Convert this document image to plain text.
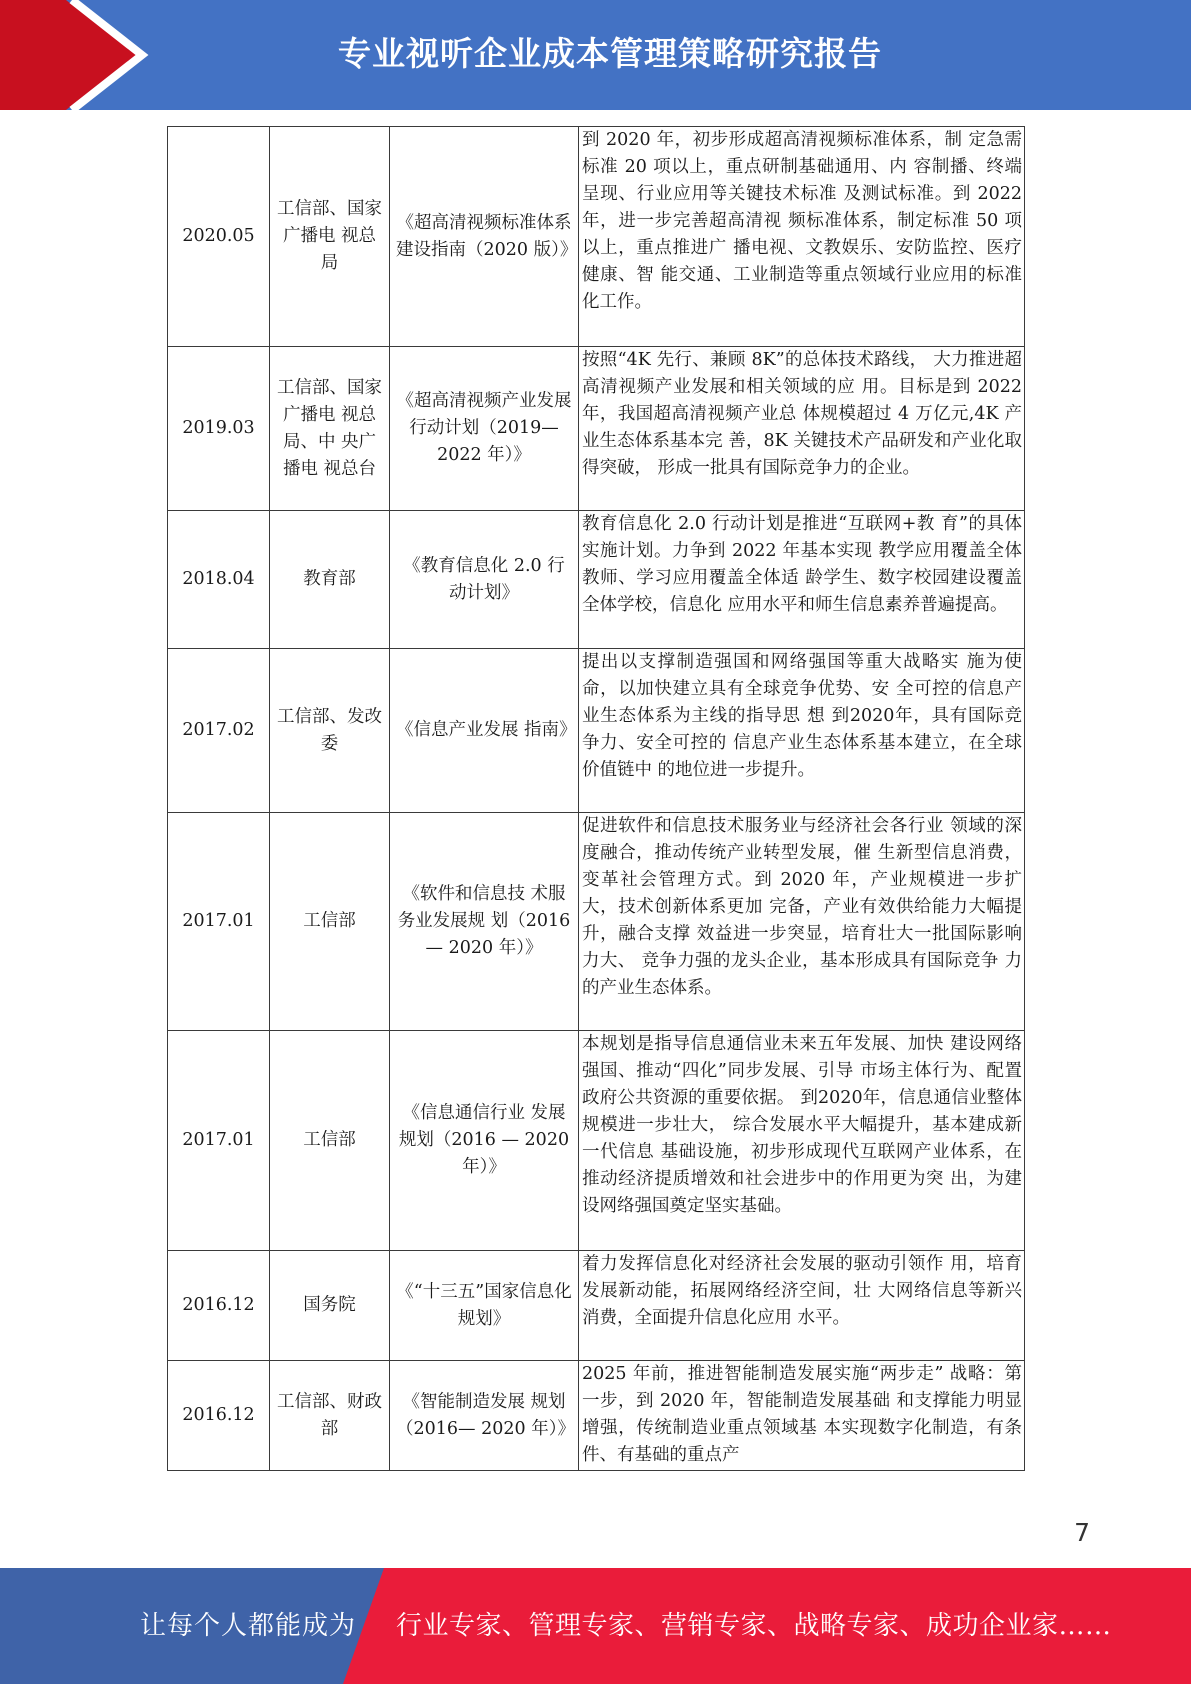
专业视听企业成本管理策略研究报告
2020.05	工信部、国家广播电 视总局	《超高清视频标准体系建设指南（2020 版）》	到 2020 年，初步形成超高清视频标准体系，制 定急需标准 20 项以上，重点研制基础通用、内 容制播、终端呈现、行业应用等关键技术标准 及测试标准。到 2022 年，进一步完善超高清视 频标准体系，制定标准 50 项以上，重点推进广 播电视、文教娱乐、安防监控、医疗健康、智 能交通、工业制造等重点领域行业应用的标准 化工作。
2019.03	工信部、国家广播电 视总局、中 央广播电 视总台	《超高清视频产业发展行动计划（2019—2022 年）》	按照“4K 先行、兼顾 8K”的总体技术路线， 大力推进超高清视频产业发展和相关领域的应 用。目标是到 2022 年，我国超高清视频产业总 体规模超过 4 万亿元,4K 产业生态体系基本完 善，8K 关键技术产品研发和产业化取得突破， 形成一批具有国际竞争力的企业。
2018.04	教育部	《教育信息化 2.0 行动计划》	教育信息化 2.0 行动计划是推进“互联网+教 育”的具体实施计划。力争到 2022 年基本实现 教学应用覆盖全体教师、学习应用覆盖全体适 龄学生、数字校园建设覆盖全体学校，信息化 应用水平和师生信息素养普遍提高。
2017.02	工信部、发改委	《信息产业发展 指南》	提出以支撑制造强国和网络强国等重大战略实 施为使命，以加快建立具有全球竞争优势、安 全可控的信息产业生态体系为主线的指导思 想 到2020年，具有国际竞争力、安全可控的 信息产业生态体系基本建立，在全球价值链中 的地位进一步提升。
2017.01	工信部	《软件和信息技 术服务业发展规 划（2016— 2020 年）》	促进软件和信息技术服务业与经济社会各行业 领域的深度融合，推动传统产业转型发展，催 生新型信息消费，变革社会管理方式。到 2020 年，产业规模进一步扩大，技术创新体系更加 完备，产业有效供给能力大幅提升，融合支撑 效益进一步突显，培育壮大一批国际影响力大、 竞争力强的龙头企业，基本形成具有国际竞争 力的产业生态体系。
2017.01	工信部	《信息通信行业 发展规划（2016 — 2020 年）》	本规划是指导信息通信业未来五年发展、加快 建设网络强国、推动“四化”同步发展、引导 市场主体行为、配置政府公共资源的重要依据。 到2020年，信息通信业整体规模进一步壮大， 综合发展水平大幅提升，基本建成新一代信息 基础设施，初步形成现代互联网产业体系，在 推动经济提质增效和社会进步中的作用更为突 出，为建设网络强国奠定坚实基础。
2016.12	国务院	《“十三五”国家信息化规划》	着力发挥信息化对经济社会发展的驱动引领作 用，培育发展新动能，拓展网络经济空间，壮 大网络信息等新兴消费，全面提升信息化应用 水平。
2016.12	工信部、财政部	《智能制造发展 规划（2016— 2020 年）》	2025 年前，推进智能制造发展实施“两步走” 战略：第一步，到 2020 年，智能制造发展基础 和支撑能力明显增强，传统制造业重点领域基 本实现数字化制造，有条件、有基础的重点产
7
让每个人都能成为 行业专家、管理专家、营销专家、战略专家、成功企业家……
